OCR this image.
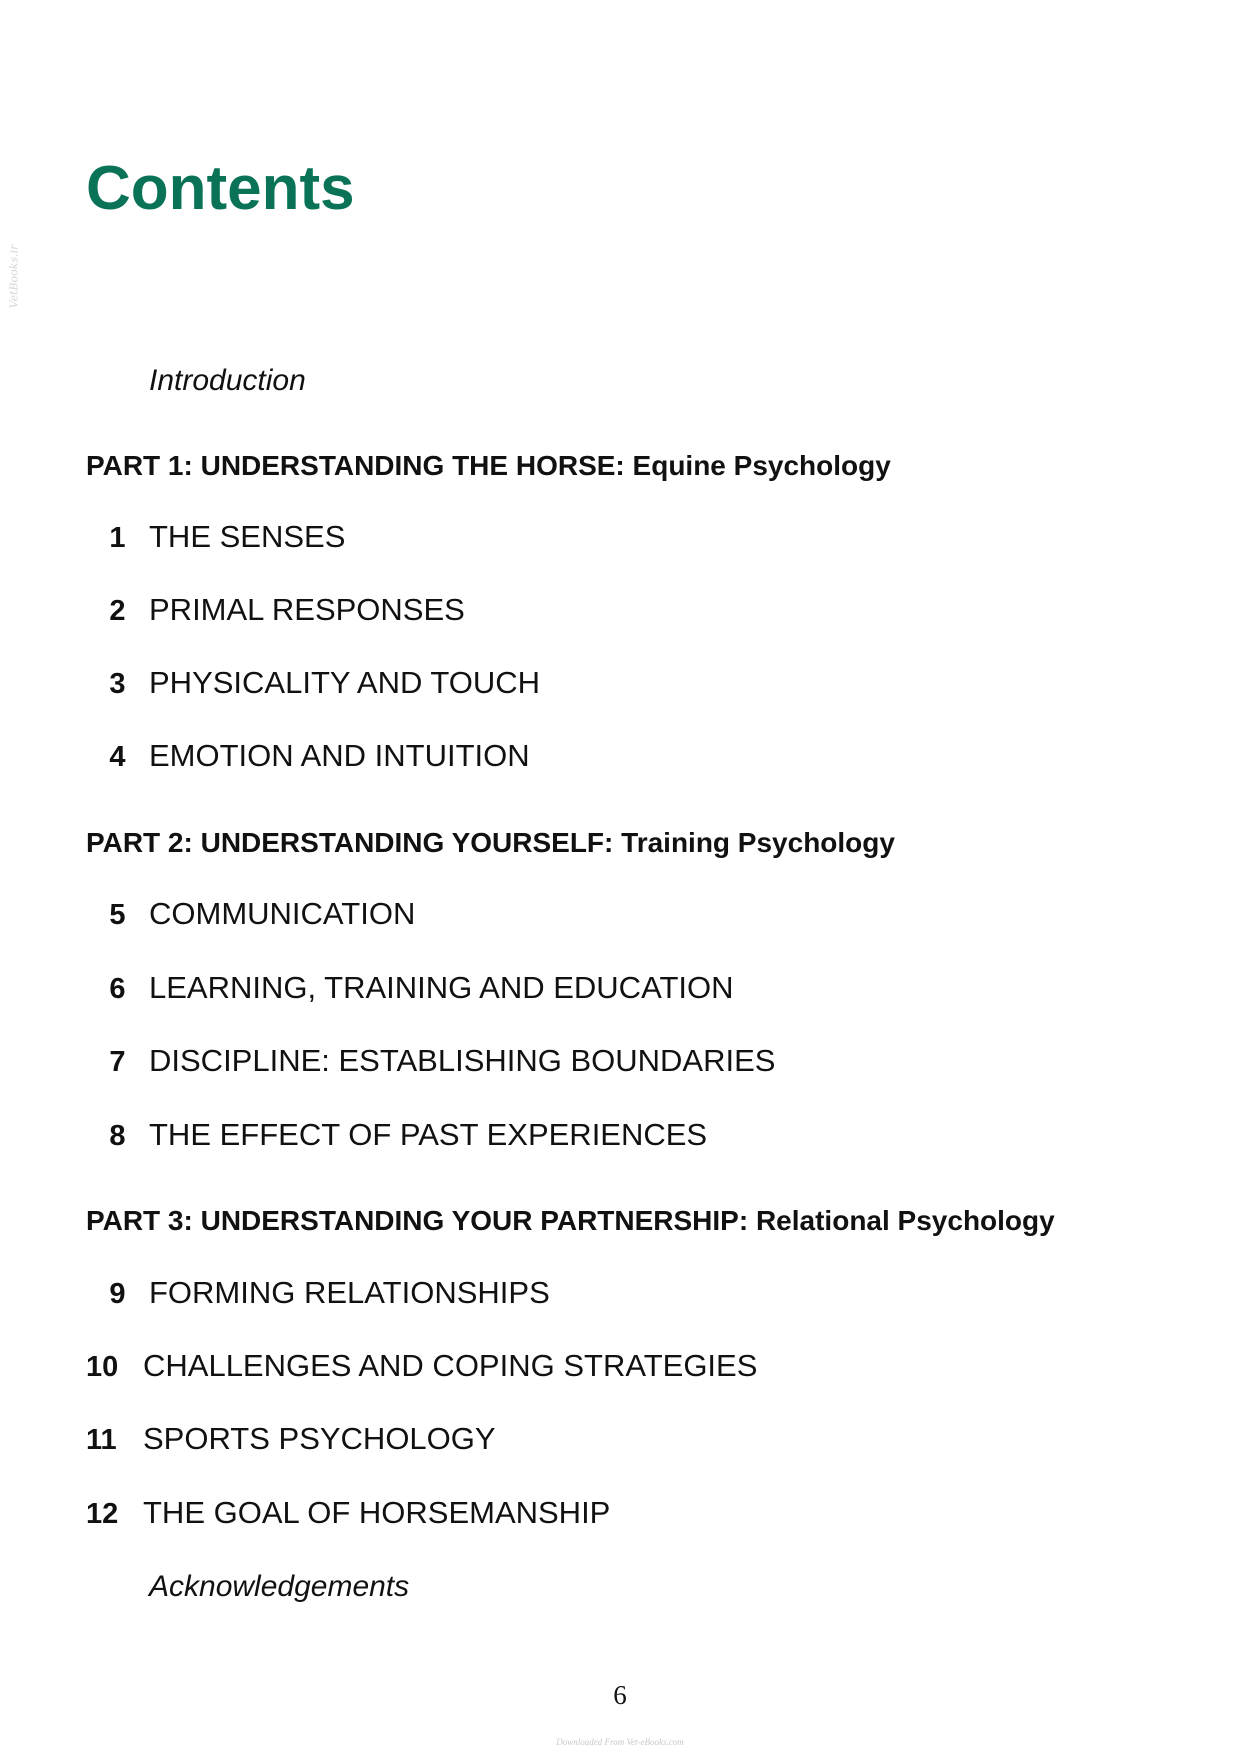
VetBooks.ir
Contents

Introduction

PART 1: UNDERSTANDING THE HORSE: Equine Psychology

1 THE SENSES

2 PRIMAL RESPONSES

3 PHYSICALITY AND TOUCH

4 EMOTION AND INTUITION

PART 2: UNDERSTANDING YOURSELF: Training Psychology

5 COMMUNICATION

6 LEARNING, TRAINING AND EDUCATION

7 DISCIPLINE: ESTABLISHING BOUNDARIES

8 THE EFFECT OF PAST EXPERIENCES

PART 3: UNDERSTANDING YOUR PARTNERSHIP: Relational Psychology

9 FORMING RELATIONSHIPS

10 CHALLENGES AND COPING STRATEGIES

11 SPORTS PSYCHOLOGY

12 THE GOAL OF HORSEMANSHIP

Acknowledgements

6
Downloaded From Vet-eBooks.com
